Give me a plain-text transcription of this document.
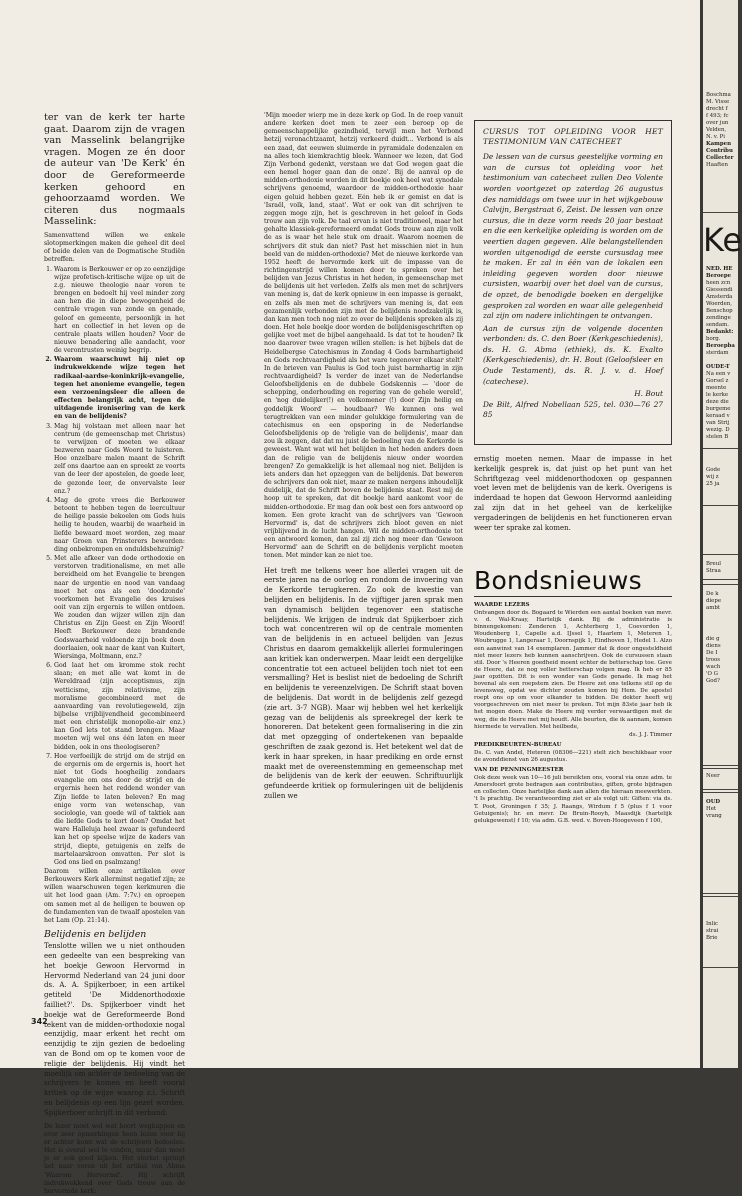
ter van de kerk ter harte gaat. Daarom zijn de vragen van Masselink belangrijke vragen. Mogen ze én door de auteur van 'De Kerk' én door de Gereformeerde kerken gehoord en gehoorzaamd worden. We citeren dus nogmaals Masselink:

Samenvattend willen we enkele slotopmerkingen maken die geheel dit deel of beide delen van de Dogmatische Studiën betreffen.

1. Waarom is Berkouwer er op zo eenzijdige wijze profetisch-kritische wijze op uit de z.g. nieuwe theologie naar voren te brengen en bedoelt hij veel minder zorg aan hen die in diepe bewogenheid de centrale vragen van zonde en genade, geloof en gemeente, persoonlijk in het hart en collectief in het leven op de centrale plaats willen houden? Voor de nieuwe benadering alle aandacht, voor de verontrusten weinig begrip.
2. Waarom waarschuwt hij niet op indrukwekkende wijze tegen het radikaal-aardse-koninkrijk-evangelie, tegen het anonieme evangelie, tegen een verzoeningsleer die alleen de effecten belangrijk acht, tegen de uitdagende ironisering van de kerk en van de belijdenis?
3. Mag hij volstaan met alleen naar het centrum (de gemeenschap met Christus) te verwijzen of moeten we elkaar bezweren naar Gods Woord te luisteren. Hoe onzelbare malen maant de Schrift zelf ons daartoe aan en spreekt ze voorts van de leer der apostelen, de goede leer, de gezonde leer, de onvervalste leer enz.?
4. Mag de grote vrees die Berkouwer betoont te hebben tegen de leercultuur de heilige passie bekoelen om Gods huis heilig te houden, waarbij de waarheid in liefde bewaard moet worden, zeg maar naar Groen van Prinsterers beworden: ding onbekrompen en onduldsbehzuinig?
5. Met alle afkeer van dode orthodoxie en verstorven traditionalisme, en met alle bereidheid om het Evangelie te brengen naar de urgentie en nood van vandaag moet het ons als een 'doodzonde' voorkomen het Evangelie des kruises ooit van zijn ergernis te willen ontdoen. We zouden dan wijzer willen zijn dan Christus en Zijn Geest en Zijn Woord! Heeft Berkouwer deze brandende Godswaarheid voldoende zijn boek doen doorlaaien, ook naar de kant van Kuitert, Wiersinga, Moltmann, enz.?
6. God laat het om kromme stok recht slaan; en met alle wat komt in de Wereldraad (zijn acceptismus, zijn wetticisme, zijn relativisme, zijn moralisme gecombineerd met de aanvaarding van revolutiegeweld, zijn bijbelse vrijblijvendheid gecombineerd met een christelijk monopolie-air enz.) kan God lets tot stand brengen. Maar moeten wij wel ons één laten en meer bidden, ook in ons theologiseren?
7. Hoe verfoeilijk de strijd om de strijd en de ergernis om de ergernis is, hoort het niet tot Gods hoogheilig zondaars evangelie om ons door de strijd en de ergernis heen het reddend wonder van Zijn liefde te laten beleven? En mag enige vorm van wetenschap, van sociologie, van goede wil of taktiek aan die liefde Gods te kort doen? Omdat het ware Halleluja heel zwaar is gefundeerd kan het op speelse wijze de kaders van strijd, diepte, getuigenis en zelfs de martelaarskroon omvatten. Per slot is God ons lied en psalmzang!

Daarom willen onze artikelen over Berkouwers Kerk allerminst negatief zijn; ze willen waarschuwen tegen kerkmuren die uit het lood gaan (Am. 7:7v.) en oproepen om samen met al de heiligen te bouwen op de fundamenten van de twaalf apostelen van het Lam (Op. 21:14).

Belijdenis en belijden

Tenslotte willen we u niet onthouden een gedeelte van een bespreking van het boekje Gewoon Hervormd in Hervormd Nederland van 24 juni door ds. A. A. Spijkerboer, in een artikel getiteld 'De Middenorthodoxie failliet?'. Ds. Spijkerboer vindt het boekje wat de Gereformeerde Bond tekent van de midden-orthodoxie nogal eenzijdig, maar erkent het recht om eenzijdig te zijn gezien de bedoeling van de Bond om op te komen voor de religie der belijdenis. Hij vindt het moeilijk om achter de bedoeling van de schrijvers te komen en heeft vooral kritiek op de wijze waarop z.i. Schrift en belijdenis op een lijn gezet worden. Spijkerboer schrijft in dit verband:

De lezer moet wel wat hoort wegkappen en over zeer opmerkingen heen lezen voor hij er achter komt wat de schrijvers bedoelen. Het is overal wel te vinden, maar dan moet je er ook goed kijken. Het sterkst springt het naar voren uit het artikel van Abma 'Waarom Hervormd'. Hij schrijft indrukwekkend over Gods trouw aan de hervormde kerk:

'Mijn moeder wierp me in deze kerk op God. In de roep vanuit andere kerken doet men te zeer een beroep op de gemeenschappelijke gezindheid, terwijl men het Verbond hetzij veronachtzaamt, hetzij verkeerd duidt... Verbond is als een zaad, dat eeuwen sluimerde in pyramidale dodenzalen en na alles toch kiemkrachtig bleek. Wanneer we lezen, dat God Zijn Verbond gedenkt, verstaan we dat God wegen gaat die een hemel hoger gaan dan de onze'. Bij de aanval op de midden-orthodoxie worden in dit boekje ook heel wat synodale schrijvens genoemd, waardoor de midden-orthodoxie haar eigen geluid hebben gezet. Eén heb ik er gemist en dat is 'Israël, volk, land, staat'. Wat er ook van dit schrijven te zeggen moge zijn, het is geschreven in het geloof in Gods trouw aan zijn volk. De taal ervan is niet traditioneel, maar het gehalte klassiek-gereformeerd omdat Gods trouw aan zijn volk de as is waar het hele stuk om draait. Waarom noemen de schrijvers dit stuk dan niet? Past het misschien niet in hun beeld van de midden-orthodoxie? Met de nieuwe kerkorde van 1952 heeft de hervormde kerk uit de impasse van de richtingenstrijd willen komen door te spreken over het belijden van Jezus Christus in het heden, in gemeenschap met de belijdenis uit het verleden. Zelfs als men met de schrijvers van mening is, dat de kerk opnieuw in een impasse is geraakt, en zelfs als men met de schrijvers van mening is, dat een gezamenlijk verbonden zijn met de belijdenis noodzakelijk is, dan kan men toch nog niet zo over de belijdenis spreken als zij doen. Het hele boekje door worden de belijdenisgeschriften op gelijke voet met de bijbel aangehaald. Is dat tot te houden? Ik noo daarover twee vragen willen stellen: is het bijbels dat de Heidelbergse Catechismus in Zondag 4 Gods barmhartigheid en Gods rechtvaardigheid als het ware tegenover elkaar stelt? In de brieven van Paulus is God toch juist barmhartig in zijn rechtvaardigheid? Is verder de inzet van de Nederlandse Geloofsbelijdenis en de dubbele Godskennis — 'door de schepping, onderhouding en regering van de gehele wereld', en 'nog duidelijker(!) en volkomener (!) door Zijn heilig en goddelijk Woord' — houdbaar? We kunnen ons wel terugtrekken van een minder gelukkige formulering van de catechismus en een opsporing in de Nederlandse Geloofsbelijdenis op de 'religie van de belijdenis', maar dan zou ik zeggen, dat dat nu juist de bedoeling van de Kerkorde is geweest. Want wat wil het belijden in het heden anders doen dan de religie van de belijdenis nieuw onder woorden brengen? Zo gemakkelijk is het allemaal nog niet. Belijden is iets anders dan het opzeggen van de belijdenis. Dat beweren de schrijvers dan ook niet, maar ze maken nergens inhoudelijk duidelijk, dat de Schrift boven de belijdenis staat. Rest mij de hoop uit te spreken, dat dit boekje hard aankomt voor de midden-orthodoxie. Er mag dan ook best een fors antwoord op komen. Een grote kracht van de schrijvers van 'Gewoon Hervormd' is, dat de schrijvers zich bloot geven en niet vrijblijvend in de lucht hangen. Wil de midden-orthodoxie tot een antwoord komen, dan zal zij zich nog meer dan 'Gewoon Hervormd' aan de Schrift en de belijdenis verplicht moeten tonen. Met minder kan ze niet toe.

Het treft me telkens weer hoe allerlei vragen uit de eerste jaren na de oorlog en rondom de invoering van de Kerkorde terugkeren. Zo ook de kwestie van belijden en belijdenis. In de vijftiger jaren sprak men van dynamisch belijden tegenover een statische belijdenis. We krijgen de indruk dat Spijkerboer zich toch wat concentreren wil op de centrale momenten van de belijdenis in en actueel belijden van Jezus Christus en daarom gemakkelijk allerlei formuleringen aan kritiek kan onderwerpen. Maar leidt een dergelijke concentratie tot een actueel belijden toch niet tot een versmalling? Het is beslist niet de bedoeling de Schrift en belijdenis te vereenzelvigen. De Schrift staat boven de belijdenis. Dat wordt in de belijdenis zelf gezegd (zie art. 3-7 NGB). Maar wij hebben wel het kerkelijk gezag van de belijdenis als spreekregel der kerk te honoreren. Dat betekent geen formalisering in die zin dat met opzegging of ondertekenen van bepaalde geschriften de zaak gezond is. Het betekent wel dat de kerk in haar spreken, in haar prediking en orde ernst maakt met de overeenstemming en gemeenschap met de belijdenis van de kerk der eeuwen. Schriftuurlijk gefundeerde kritiek op formuleringen uit de belijdenis zullen we

CURSUS TOT OPLEIDING VOOR HET TESTIMONIUM VAN CATECHEET

De lessen van de cursus geestelijke vorming en van de cursus tot opleiding voor het testimonium van catecheet zullen Deo Volente worden voortgezet op zaterdag 26 augustus des namiddags om twee uur in het wijkgebouw Calvijn, Bergstraat 6, Zeist. De lessen van onze cursus, die in deze vorm reeds 20 jaar bestaat en die een kerkelijke opleiding is worden om de veertien dagen gegeven. Alle belangstellenden worden uitgenodigd de eerste cursusdag mee te maken. Er zal in één van de lokalen een inleiding gegeven worden door nieuwe cursisten, waarbij over het doel van de cursus, de opzet, de benodigde boeken en dergelijke gesproken zal worden en waar alle gelegenheid zal zijn om nadere inlichtingen te ontvangen.

Aan de cursus zijn de volgende docenten verbonden: ds. C. den Boer (Kerkgeschiedenis), ds. H. G. Abma (ethiek), ds. K. Exalto (Kerkgeschiedenis), dr. H. Bout (Geloofsleer en Oude Testament), ds. R. J. v. d. Hoef (catechese).

H. Bout

De Bilt, Alfred Nobellaan 525, tel. 030—76 27 85

ernstig moeten nemen. Maar de impasse in het kerkelijk gesprek is, dat juist op het punt van het Schriftgezag veel middenorthodoxen op gespannen voet leven met de belijdenis van de kerk. Overigens is inderdaad te hopen dat Gewoon Hervormd aanleiding zal zijn dat in het geheel van de kerkelijke vergaderingen de belijdenis en het functioneren ervan weer ter sprake zal komen.

Bondsnieuws

WAARDE LEZERS

Ontvangen door ds. Bogaard te Wierden een aantal boeken van mevr. v. d. Wal-Kraay, Hartelijk dank. Bij de administratie is binnengekomen: Zenderen 1, Achterberg 1, Coevorden 1, Woudenberg 1, Capelle a.d. IJssel 1, Haarlem 1, Meteren 1, Woubrugge 1, Langeraar 1, Doornspijk 1, Eindhoven 1, Hedel 1. Alzo een aanwinst van 14 exemplaren. Jammer dat ik door ongesteldheid niet meer lezers heb kunnen aanschrijven. Ook de cursussen staan stil. Door 's Heeren goedheid moent echter de betterschap toe. Geve de Heere, dat ze nog voller betterschap volgen mag. Ik heb er 85 jaar opzitten. Dit is een wonder van Gods genade. Ik mag het bovenal als een roepstem zien. De Heere zet ons telkens stil op de levensweg, opdat we dichter zouden komen bij Hem. De apostel roept ons op om voor elkander te bidden. De dokter heeft wij voorgeschreven om niet meer te preken. Tot mijn 83ste jaar heb ik het mogen doen. Make de Heere mij verder verwaardigen met de weg, die de Heere met mij houdt. Alle beurten, die ik aannam, komen hiermede te vervallen. Met heilbede,

ds. J. J. Timmer

PREDIKBEURTEN-BUREAU

Ds. C. van Andel, Heteren (08306—221) stelt zich beschikbaar voor de avonddienst van 26 augustus.

VAN DE PENNINGMEESTER

Ook deze week van 10—16 juli bereikten ons, vooral via onze adm. te Amersfoort grote bedragen aan contributies, giften, grote bijdragen en collecten. Onze hartelijke dank aan allen die hieraan meewerkten. 't Is prachtig. De verantwoording ziet er als volgt uit: Giften: via ds. T. Poot, Groningen f 35; J. Raangs, Wirdum f 5 (plus f 1 voor Getuigenis); hr. en mevr. De Bruin-Rooyh, Maasdijk (hartelijk gelukgewenst) f 10; via adm. G.B. wed. v. Boven-Hoogeveen f 100,

342
Boschma
M. Visse
drecht f
f 493; fc
over jun
Velden,
N. v. Pi
Kampen
Contribu
Collecter
Haaften
Ke
NED. HE
Beroepe
heen zcn
Giessendi
Amsterda
Woerden,
Benschop
zendinge
sendam.
Bedankt:
borg.
Beroepba
sterdam
OUDE-T
Na een v
Gorsel z
meente
le kerke
deze die
burgeme
keraad v
van Strij
wezig. D
stelen B
Gode
wij z
25 ja
Breul
Straa
De k
diepe
ambt
die g
diens
De I
troos
wach
'O G
God?
Neer
OUD
Het
vrang
Inlic
strai
Brie
